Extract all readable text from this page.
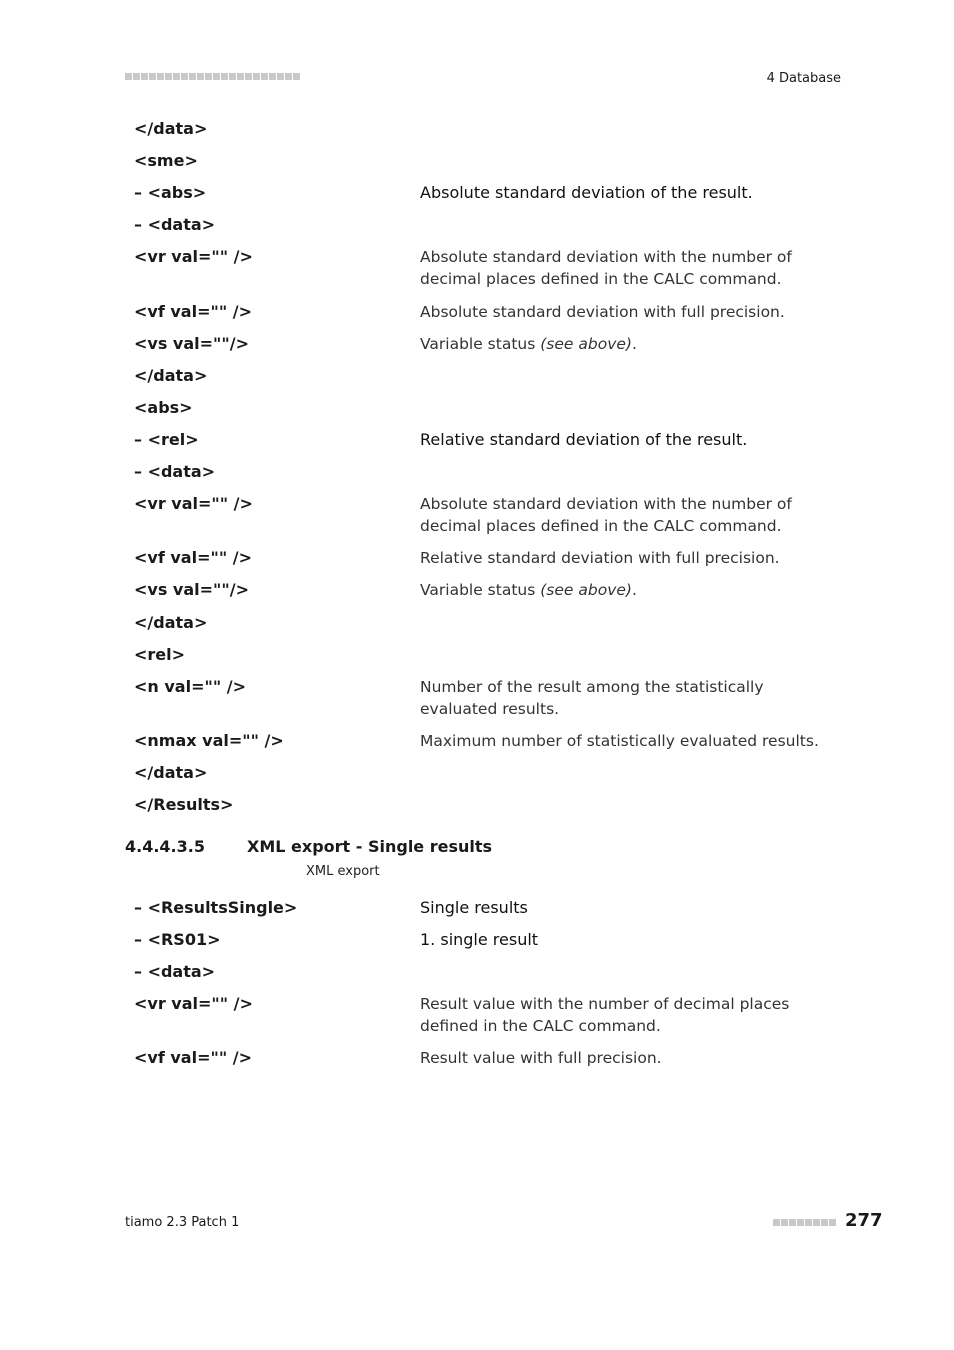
4 Database
</data>
<sme>
– <abs>	Absolute standard deviation of the result.
– <data>
<vr val="" />	Absolute standard deviation with the number of decimal places defined in the CALC command.
<vf val="" />	Absolute standard deviation with full precision.
<vs val=""/>	Variable status (see above).
</data>
<abs>
– <rel>	Relative standard deviation of the result.
– <data>
<vr val="" />	Absolute standard deviation with the number of decimal places defined in the CALC command.
<vf val="" />	Relative standard deviation with full precision.
<vs val=""/>	Variable status (see above).
</data>
<rel>
<n val="" />	Number of the result among the statistically evaluated results.
<nmax val="" />	Maximum number of statistically evaluated results.
</data>
</Results>
4.4.4.3.5	XML export - Single results
XML export
– <ResultsSingle>	Single results
– <RS01>	1. single result
– <data>
<vr val="" />	Result value with the number of decimal places defined in the CALC command.
<vf val="" />	Result value with full precision.
tiamo 2.3 Patch 1	277
